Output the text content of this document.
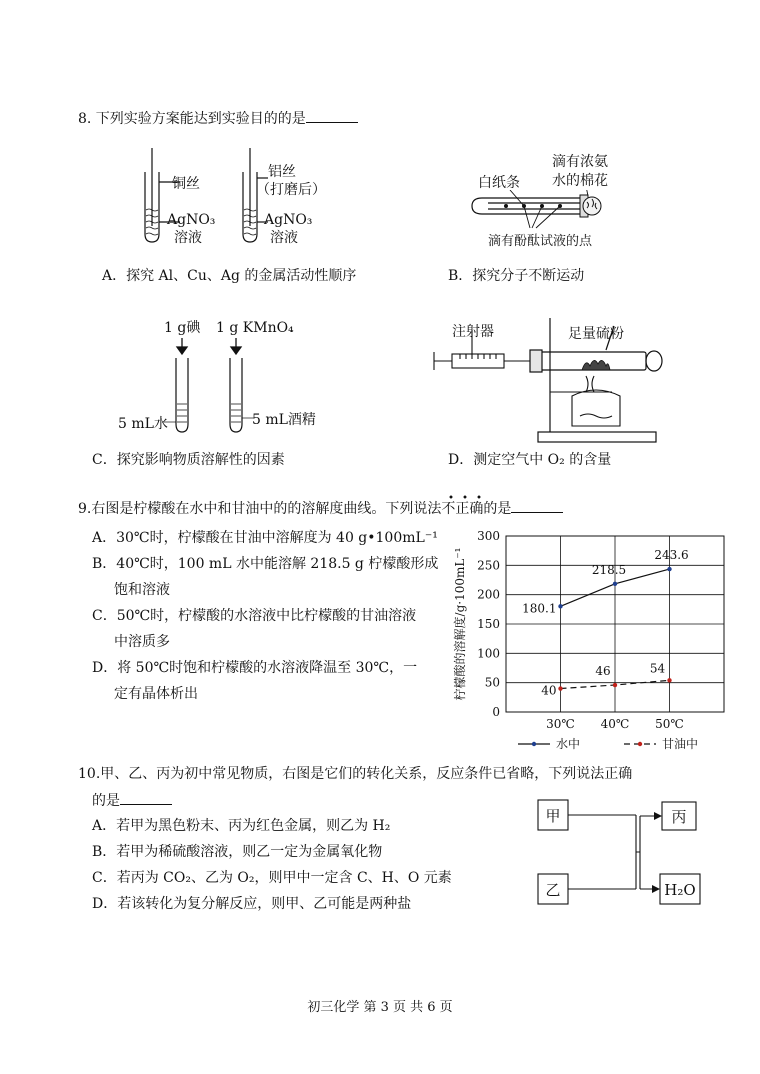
8. 下列实验方案能达到实验目的的是
铜丝
AgNO₃
溶液
铝丝
（打磨后）
AgNO₃
溶液
A．探究 Al、Cu、Ag 的金属活动性顺序
滴有浓氨
水的棉花
白纸条
滴有酚酞试液的点
B．探究分子不断运动
1 g碘 1 g KMnO₄
5 mL水	5 mL酒精
C．探究影响物质溶解性的因素
注射器	足量硫粉
D．测定空气中 O₂ 的含量
9.右图是柠檬酸在水中和甘油中的的溶解度曲线。下列说法不正确的是
A．30℃时，柠檬酸在甘油中溶解度为 40 g•100mL⁻¹
B．40℃时，100 mL 水中能溶解 218.5 g 柠檬酸形成
饱和溶液
C．50℃时，柠檬酸的水溶液中比柠檬酸的甘油溶液
中溶质多
D．将 50℃时饱和柠檬酸的水溶液降温至 30℃，一
定有晶体析出
0
50
100
150
200
250
300
30℃ 40℃ 50℃
柠檬酸的溶解度/g·100mL⁻¹	180.1
218.5
243.6
40
46	54
水中	甘油中
10.甲、乙、丙为初中常见物质，右图是它们的转化关系，反应条件已省略，下列说法正确
的是
A．若甲为黑色粉末、丙为红色金属，则乙为 H₂
B．若甲为稀硫酸溶液，则乙一定为金属氧化物
C．若丙为 CO₂、乙为 O₂，则甲中一定含 C、H、O 元素
D．若该转化为复分解反应，则甲、乙可能是两种盐
甲
乙
丙
H₂O
初三化学 第 3 页 共 6 页
